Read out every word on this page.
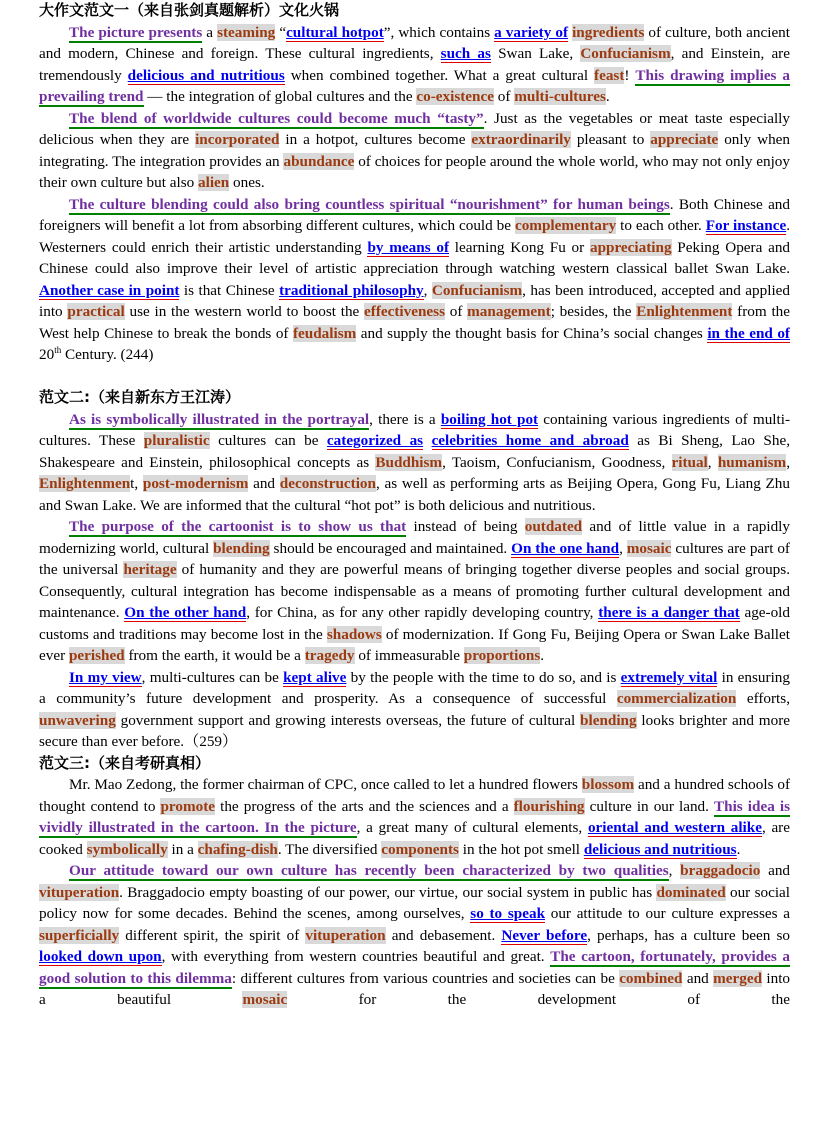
大作文范文一（来自张剑真题解析）文化火锅

The picture presents a steaming “cultural hotpot”, which contains a variety of ingredients of culture, both ancient and modern, Chinese and foreign. These cultural ingredients, such as Swan Lake, Confucianism, and Einstein, are tremendously delicious and nutritious when combined together. What a great cultural feast! This drawing implies a prevailing trend — the integration of global cultures and the co-existence of multi-cultures.

The blend of worldwide cultures could become much “tasty”. Just as the vegetables or meat taste especially delicious when they are incorporated in a hotpot, cultures become extraordinarily pleasant to appreciate only when integrating. The integration provides an abundance of choices for people around the whole world, who may not only enjoy their own culture but also alien ones.

The culture blending could also bring countless spiritual “nourishment” for human beings. Both Chinese and foreigners will benefit a lot from absorbing different cultures, which could be complementary to each other. For instance. Westerners could enrich their artistic understanding by means of learning Kong Fu or appreciating Peking Opera and Chinese could also improve their level of artistic appreciation through watching western classical ballet Swan Lake. Another case in point is that Chinese traditional philosophy, Confucianism, has been introduced, accepted and applied into practical use in the western world to boost the effectiveness of management; besides, the Enlightenment from the West help Chinese to break the bonds of feudalism and supply the thought basis for China’s social changes in the end of 20th Century. (244)

范文二:（来自新东方王江涛）

As is symbolically illustrated in the portrayal, there is a boiling hot pot containing various ingredients of multi-cultures. These pluralistic cultures can be categorized as celebrities home and abroad as Bi Sheng, Lao She, Shakespeare and Einstein, philosophical concepts as Buddhism, Taoism, Confucianism, Goodness, ritual, humanism, Enlightenment, post-modernism and deconstruction, as well as performing arts as Beijing Opera, Gong Fu, Liang Zhu and Swan Lake. We are informed that the cultural “hot pot” is both delicious and nutritious.

The purpose of the cartoonist is to show us that instead of being outdated and of little value in a rapidly modernizing world, cultural blending should be encouraged and maintained. On the one hand, mosaic cultures are part of the universal heritage of humanity and they are powerful means of bringing together diverse peoples and social groups. Consequently, cultural integration has become indispensable as a means of promoting further cultural development and maintenance. On the other hand, for China, as for any other rapidly developing country, there is a danger that age-old customs and traditions may become lost in the shadows of modernization. If Gong Fu, Beijing Opera or Swan Lake Ballet ever perished from the earth, it would be a tragedy of immeasurable proportions.

In my view, multi-cultures can be kept alive by the people with the time to do so, and is extremely vital in ensuring a community’s future development and prosperity. As a consequence of successful commercialization efforts, unwavering government support and growing interests overseas, the future of cultural blending looks brighter and more secure than ever before.（259）

范文三:（来自考研真相）

Mr. Mao Zedong, the former chairman of CPC, once called to let a hundred flowers blossom and a hundred schools of thought contend to promote the progress of the arts and the sciences and a flourishing culture in our land. This idea is vividly illustrated in the cartoon. In the picture, a great many of cultural elements, oriental and western alike, are cooked symbolically in a chafing-dish. The diversified components in the hot pot smell delicious and nutritious.

Our attitude toward our own culture has recently been characterized by two qualities, braggadocio and vituperation. Braggadocio empty boasting of our power, our virtue, our social system in public has dominated our social policy now for some decades. Behind the scenes, among ourselves, so to speak our attitude to our culture expresses a superficially different spirit, the spirit of vituperation and debasement. Never before, perhaps, has a culture been so looked down upon, with everything from western countries beautiful and great. The cartoon, fortunately, provides a good solution to this dilemma: different cultures from various countries and societies can be combined and merged into a beautiful mosaic for the development of the
